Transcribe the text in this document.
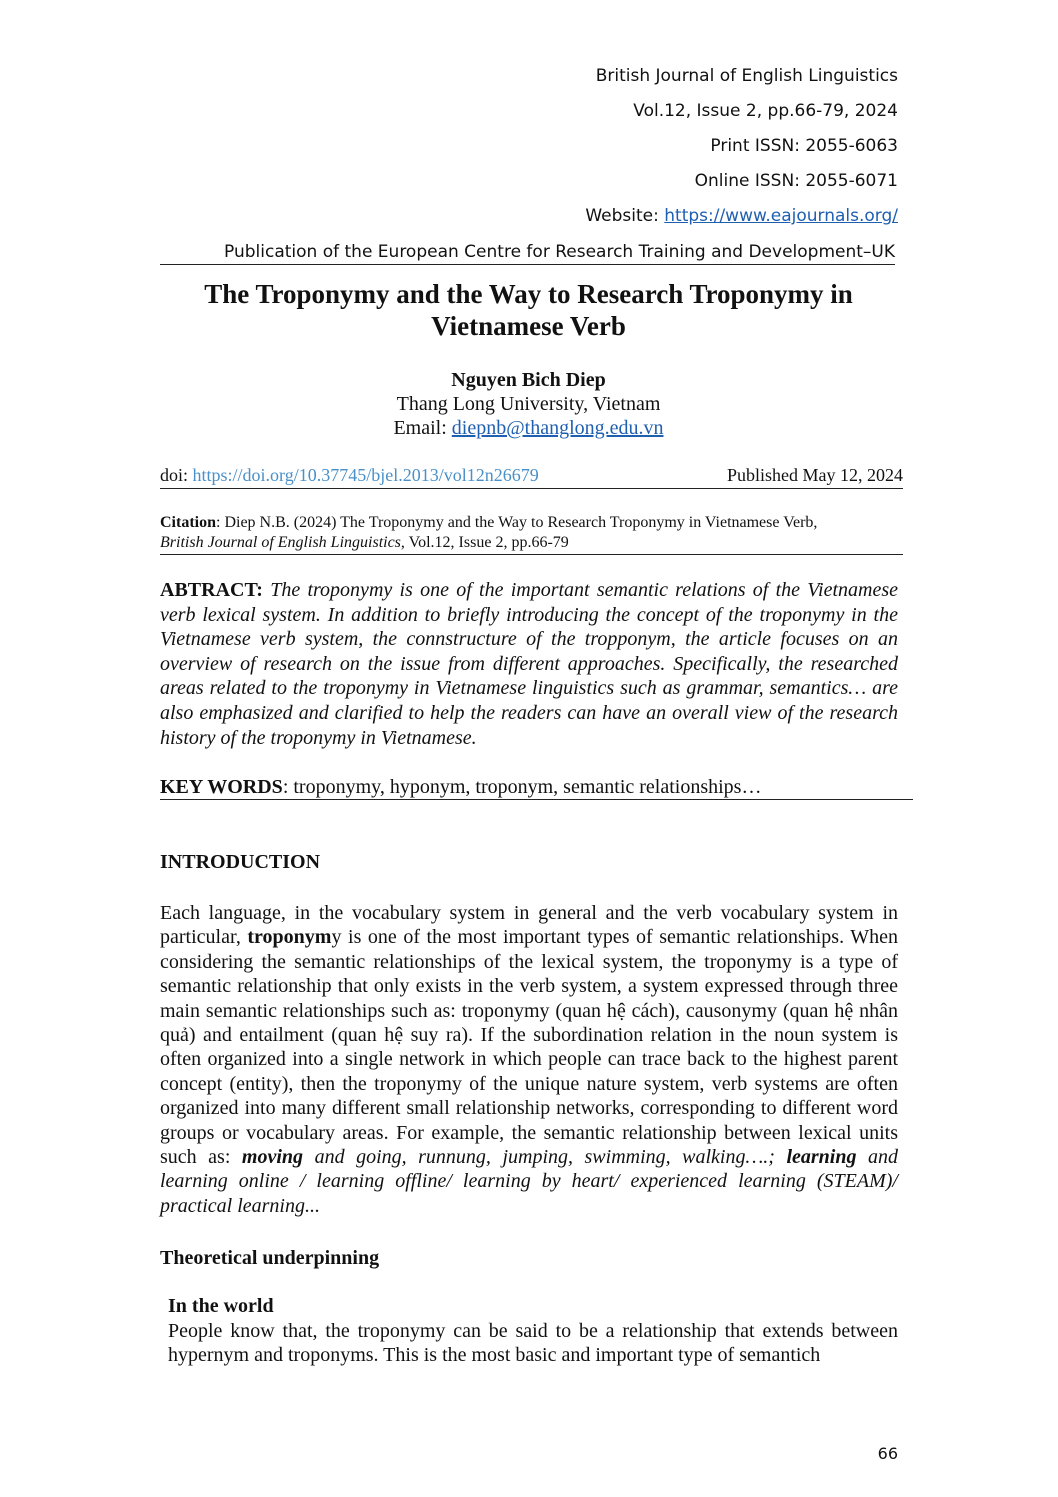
British Journal of English Linguistics
Vol.12, Issue 2, pp.66-79, 2024
Print ISSN: 2055-6063
Online ISSN: 2055-6071
Website: https://www.eajournals.org/
Publication of the European Centre for Research Training and Development–UK
The Troponymy and the Way to Research Troponymy in
Vietnamese Verb
Nguyen Bich Diep
Thang Long University, Vietnam
Email: diepnb@thanglong.edu.vn
doi: https://doi.org/10.37745/bjel.2013/vol12n26679	Published May 12, 2024
Citation: Diep N.B. (2024) The Troponymy and the Way to Research Troponymy in Vietnamese Verb,
British Journal of English Linguistics, Vol.12, Issue 2, pp.66-79
ABTRACT: The troponymy is one of the important semantic relations of the Vietnamese verb lexical system. In addition to briefly introducing the concept of the troponymy in the Vietnamese verb system, the connstructure of the tropponym, the article focuses on an overview of research on the issue from different approaches. Specifically, the researched areas related to the troponymy in Vietnamese linguistics such as grammar, semantics… are also emphasized and clarified to help the readers can have an overall view of the research history of the troponymy in Vietnamese.
KEY WORDS: troponymy, hyponym, troponym, semantic relationships…
INTRODUCTION
Each language, in the vocabulary system in general and the verb vocabulary system in particular, troponymy is one of the most important types of semantic relationships. When considering the semantic relationships of the lexical system, the troponymy is a type of semantic relationship that only exists in the verb system, a system expressed through three main semantic relationships such as: troponymy (quan hệ cách), causonymy (quan hệ nhân quả) and entailment (quan hệ suy ra). If the subordination relation in the noun system is often organized into a single network in which people can trace back to the highest parent concept (entity), then the troponymy of the unique nature system, verb systems are often organized into many different small relationship networks, corresponding to different word groups or vocabulary areas. For example, the semantic relationship between lexical units such as: moving and going, runnung, jumping, swimming, walking….; learning and learning online / learning offline/ learning by heart/ experienced learning (STEAM)/ practical learning...
Theoretical underpinning
In the world
People know that, the troponymy can be said to be a relationship that extends between hypernym and troponyms. This is the most basic and important type of semantich
66
